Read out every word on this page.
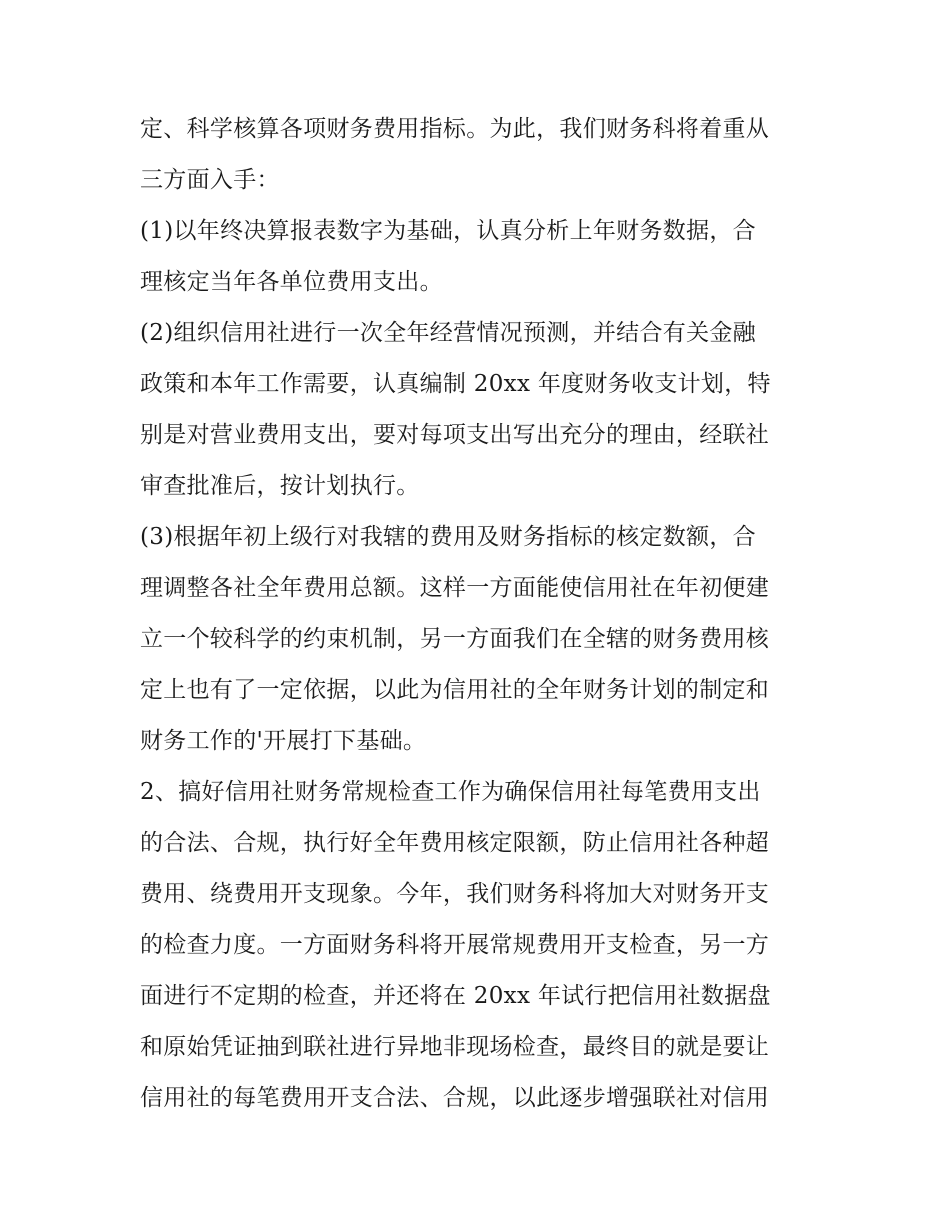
定、科学核算各项财务费用指标。为此，我们财务科将着重从
三方面入手：
(1)以年终决算报表数字为基础，认真分析上年财务数据，合
理核定当年各单位费用支出。
(2)组织信用社进行一次全年经营情况预测，并结合有关金融
政策和本年工作需要，认真编制 20xx 年度财务收支计划，特
别是对营业费用支出，要对每项支出写出充分的理由，经联社
审查批准后，按计划执行。
(3)根据年初上级行对我辖的费用及财务指标的核定数额，合
理调整各社全年费用总额。这样一方面能使信用社在年初便建
立一个较科学的约束机制，另一方面我们在全辖的财务费用核
定上也有了一定依据，以此为信用社的全年财务计划的制定和
财务工作的'开展打下基础。
2、搞好信用社财务常规检查工作为确保信用社每笔费用支出
的合法、合规，执行好全年费用核定限额，防止信用社各种超
费用、绕费用开支现象。今年，我们财务科将加大对财务开支
的检查力度。一方面财务科将开展常规费用开支检查，另一方
面进行不定期的检查，并还将在 20xx 年试行把信用社数据盘
和原始凭证抽到联社进行异地非现场检查，最终目的就是要让
信用社的每笔费用开支合法、合规，以此逐步增强联社对信用
